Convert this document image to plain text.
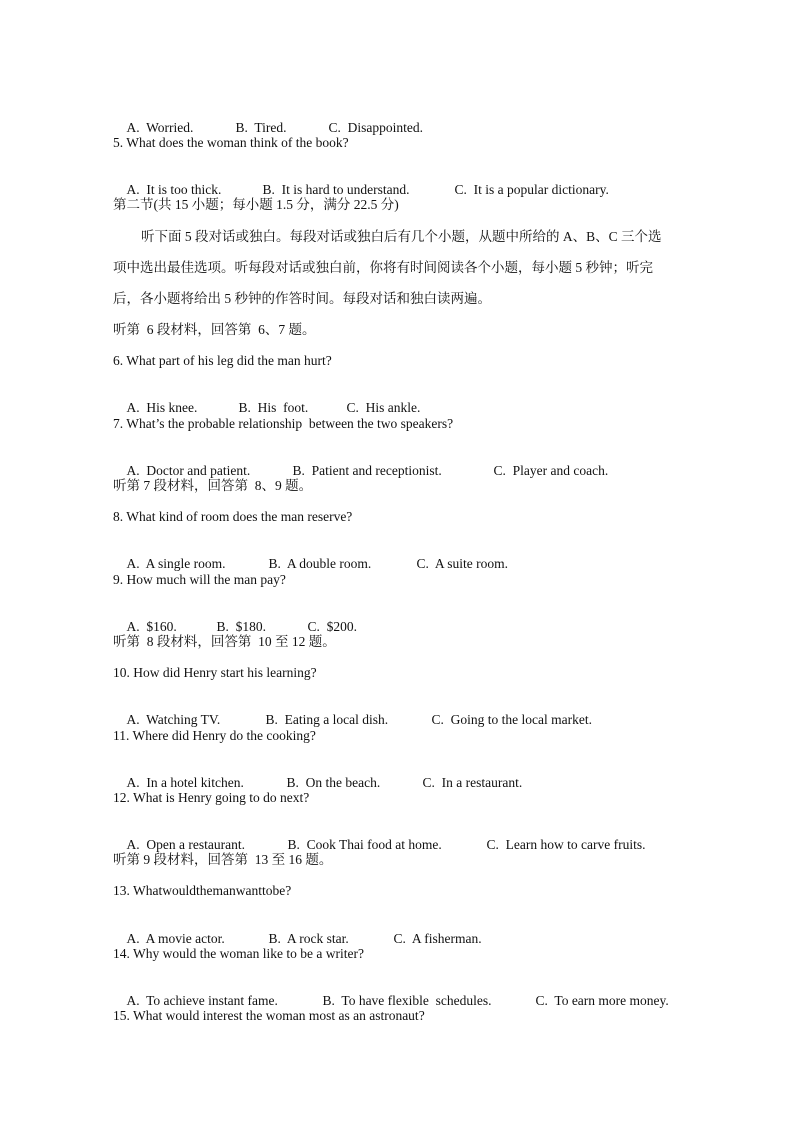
A.  Worried.	B.  Tired.	C.  Disappointed.

5. What does the woman think of the book?

A.  It is too thick.	B.  It is hard to understand.	C.  It is a popular dictionary.

第二节(共 15 小题；每小题 1.5 分，满分 22.5 分)
听下面 5 段对话或独白。每段对话或独白后有几个小题，从题中所给的 A、B、C 三个选
项中选出最佳选项。听每段对话或独白前，你将有时间阅读各个小题，每小题 5 秒钟；听完
后，各小题将给出 5 秒钟的作答时间。每段对话和独白读两遍。
听第  6 段材料，回答第  6、7 题。
6. What part of his leg did the man hurt?

A.  His knee.	B.  His  foot.	C.  His ankle.

7. What’s the probable relationship  between the two speakers?

A.  Doctor and patient.	B.  Patient and receptionist.	C.  Player and coach.

听第 7 段材料，回答第  8、9 题。
8. What kind of room does the man reserve?

A.  A single room.	B.  A double room.	C.  A suite room.

9. How much will the man pay?

A.  $160.	B.  $180.	C.  $200.

听第  8 段材料，回答第  10 至 12 题。
10. How did Henry start his learning?

A.  Watching TV.	B.  Eating a local dish.	C.  Going to the local market.

11. Where did Henry do the cooking?

A.  In a hotel kitchen.	B.  On the beach.	C.  In a restaurant.

12. What is Henry going to do next?

A.  Open a restaurant.	B.  Cook Thai food at home.	C.  Learn how to carve fruits.

听第 9 段材料，回答第  13 至 16 题。
13. Whatwouldthemanwanttobe?

A.  A movie actor.	B.  A rock star.	C.  A fisherman.

14. Why would the woman like to be a writer?

A.  To achieve instant fame.	B.  To have flexible  schedules.	C.  To earn more money.

15. What would interest the woman most as an astronaut?
